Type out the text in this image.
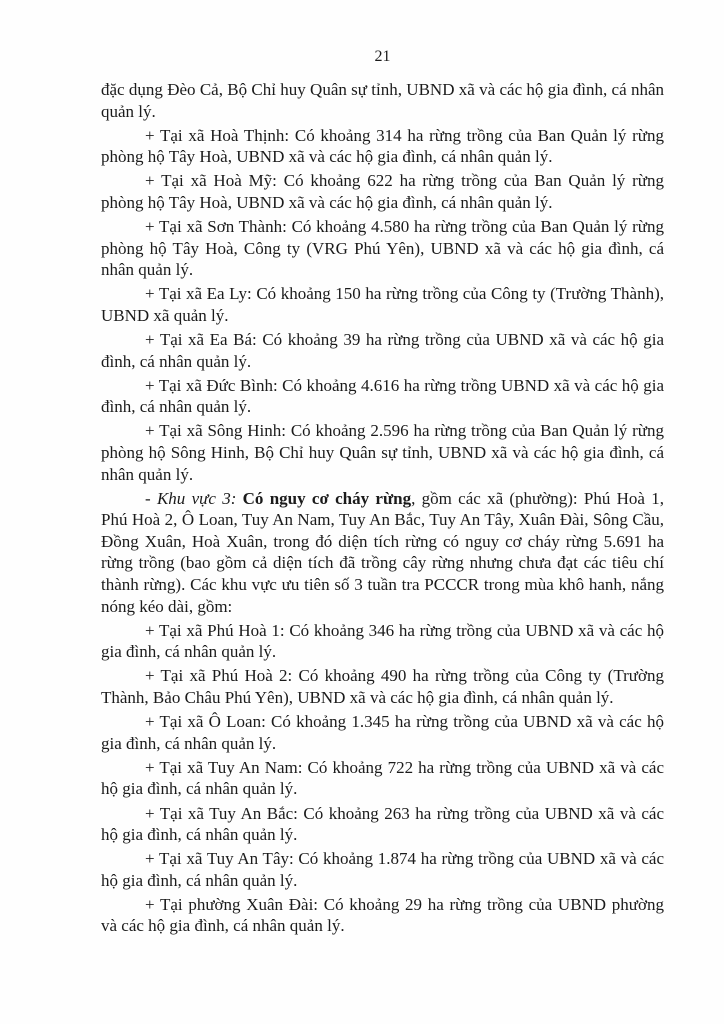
21

đặc dụng Đèo Cả, Bộ Chỉ huy Quân sự tỉnh, UBND xã và các hộ gia đình, cá nhân quản lý.

+ Tại xã Hoà Thịnh: Có khoảng 314 ha rừng trồng của Ban Quản lý rừng phòng hộ Tây Hoà, UBND xã và các hộ gia đình, cá nhân quản lý.

+ Tại xã Hoà Mỹ: Có khoảng 622 ha rừng trồng của Ban Quản lý rừng phòng hộ Tây Hoà, UBND xã và các hộ gia đình, cá nhân quản lý.

+ Tại xã Sơn Thành: Có khoảng 4.580 ha rừng trồng của Ban Quản lý rừng phòng hộ Tây Hoà, Công ty (VRG Phú Yên), UBND xã và các hộ gia đình, cá nhân quản lý.

+ Tại xã Ea Ly: Có khoảng 150 ha rừng trồng của Công ty (Trường Thành), UBND xã quản lý.

+ Tại xã Ea Bá: Có khoảng 39 ha rừng trồng của UBND xã và các hộ gia đình, cá nhân quản lý.

+ Tại xã Đức Bình: Có khoảng 4.616 ha rừng trồng UBND xã và các hộ gia đình, cá nhân quản lý.

+ Tại xã Sông Hinh: Có khoảng 2.596 ha rừng trồng của Ban Quản lý rừng phòng hộ Sông Hinh, Bộ Chỉ huy Quân sự tỉnh, UBND xã và các hộ gia đình, cá nhân quản lý.

- Khu vực 3: Có nguy cơ cháy rừng, gồm các xã (phường): Phú Hoà 1, Phú Hoà 2, Ô Loan, Tuy An Nam, Tuy An Bắc, Tuy An Tây, Xuân Đài, Sông Cầu, Đồng Xuân, Hoà Xuân, trong đó diện tích rừng có nguy cơ cháy rừng 5.691 ha rừng trồng (bao gồm cả diện tích đã trồng cây rừng nhưng chưa đạt các tiêu chí thành rừng). Các khu vực ưu tiên số 3 tuần tra PCCCR trong mùa khô hanh, nắng nóng kéo dài, gồm:

+ Tại xã Phú Hoà 1: Có khoảng 346 ha rừng trồng của UBND xã và các hộ gia đình, cá nhân quản lý.

+ Tại xã Phú Hoà 2: Có khoảng 490 ha rừng trồng của Công ty (Trường Thành, Bảo Châu Phú Yên), UBND xã và các hộ gia đình, cá nhân quản lý.

+ Tại xã Ô Loan: Có khoảng 1.345 ha rừng trồng của UBND xã và các hộ gia đình, cá nhân quản lý.

+ Tại xã Tuy An Nam: Có khoảng 722 ha rừng trồng của UBND xã và các hộ gia đình, cá nhân quản lý.

+ Tại xã Tuy An Bắc: Có khoảng 263 ha rừng trồng của UBND xã và các hộ gia đình, cá nhân quản lý.

+ Tại xã Tuy An Tây: Có khoảng 1.874 ha rừng trồng của UBND xã và các hộ gia đình, cá nhân quản lý.

+ Tại phường Xuân Đài: Có khoảng 29 ha rừng trồng của UBND phường và các hộ gia đình, cá nhân quản lý.
